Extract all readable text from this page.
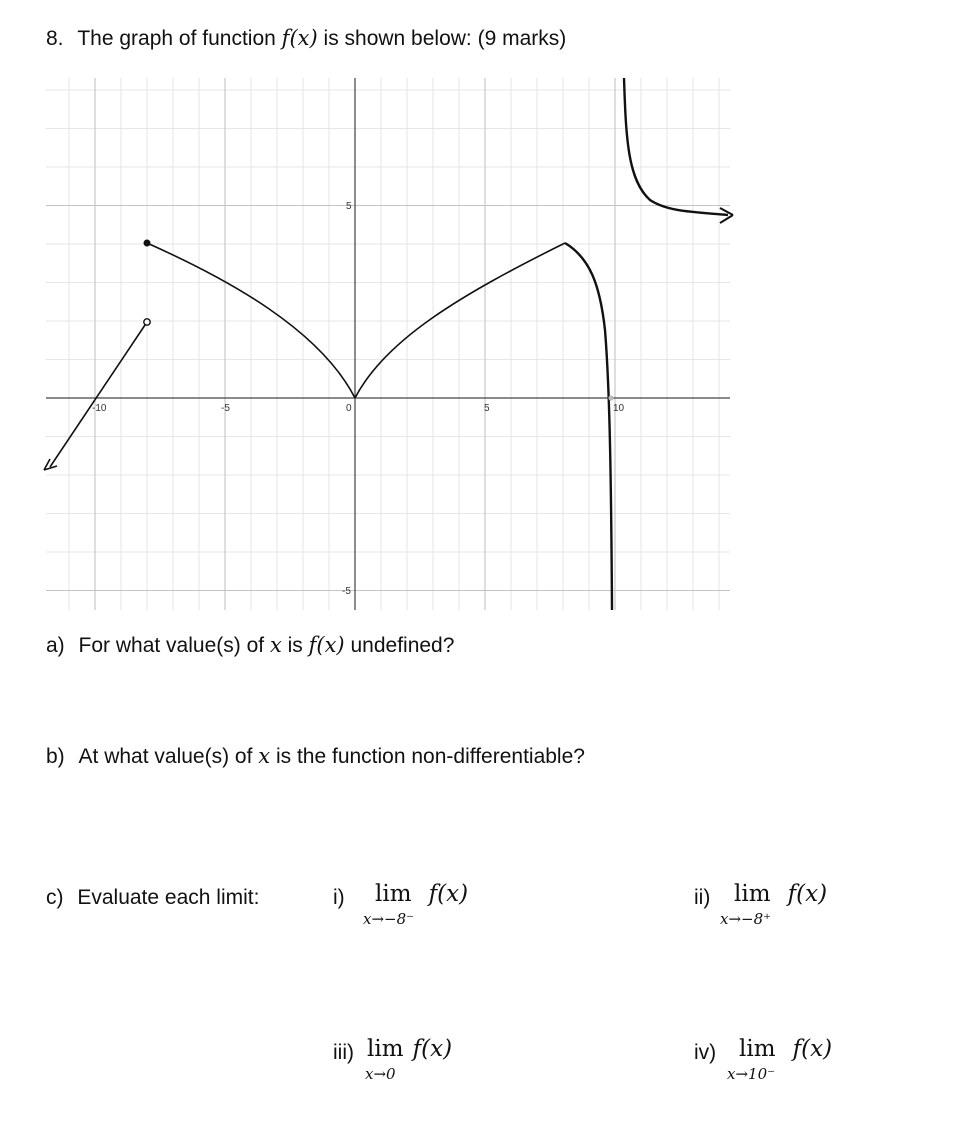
8. The graph of function f(x) is shown below: (9 marks)
-10	-5	0	5	10
5
-5
a) For what value(s) of x is f(x) undefined?
b) At what value(s) of x is the function non-differentiable?
c) Evaluate each limit:	i) lim f(x)
x→−8⁻
ii) lim f(x)
x→−8⁺
iii) lim f(x)
x→0
iv) lim f(x)
x→10⁻
